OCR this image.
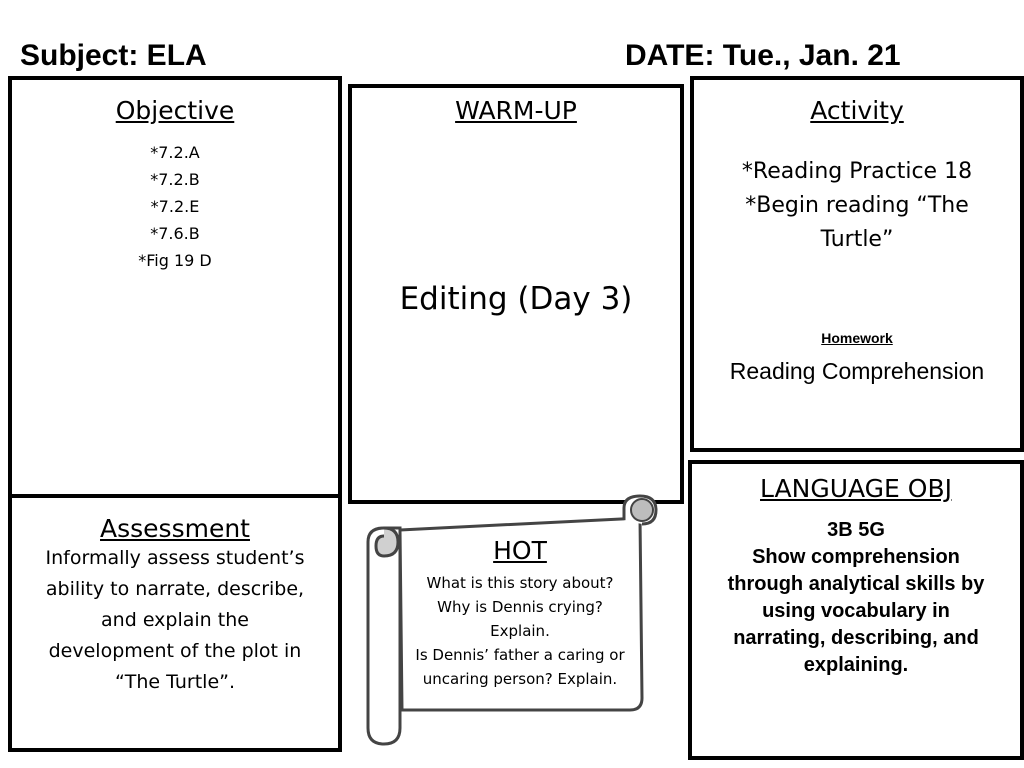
Subject: ELA	DATE: Tue., Jan. 21
Objective
*7.2.A
*7.2.B
*7.2.E
*7.6.B
*Fig 19 D
WARM-UP

Editing (Day 3)

Activity
*Reading Practice 18
*Begin reading “The
Turtle”

Homework

Reading Comprehension

Assessment
Informally assess student’s
ability to narrate, describe,
and explain the
development of the plot in
“The Turtle”.
HOT

What is this story about?

Why is Dennis crying?

Explain.

Is Dennis’ father a caring or

uncaring person? Explain.

LANGUAGE OBJ

3B 5G

Show comprehension

through analytical skills by

using vocabulary in

narrating, describing, and

explaining.
